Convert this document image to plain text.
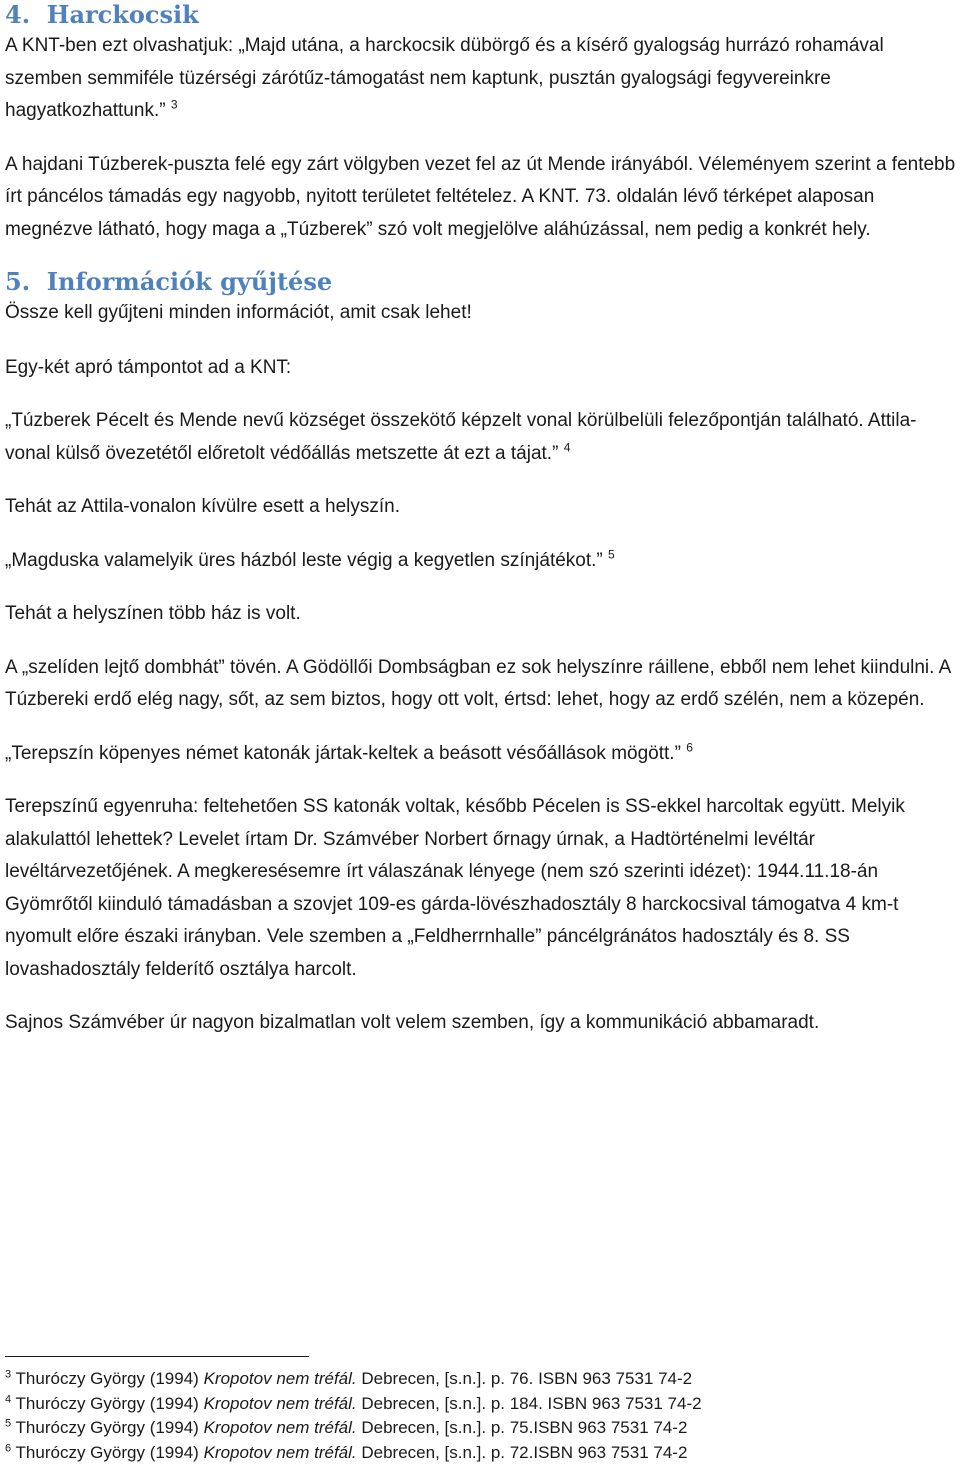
4. Harckocsik

A KNT-ben ezt olvashatjuk: „Majd utána, a harckocsik dübörgő és a kísérő gyalogság hurrázó rohamával szemben semmiféle tüzérségi zárótűz-támogatást nem kaptunk, pusztán gyalogsági fegyvereinkre hagyatkozhattunk.” $^3$

A hajdani Túzberek-puszta felé egy zárt völgyben vezet fel az út Mende irányából. Véleményem szerint a fentebb írt páncélos támadás egy nagyobb, nyitott területet feltételez. A KNT. 73. oldalán lévő térképet alaposan megnézve látható, hogy maga a „Túzberek” szó volt megjelölve aláhúzással, nem pedig a konkrét hely.

5. Információk gyűjtése

Össze kell gyűjteni minden információt, amit csak lehet!

Egy-két apró támpontot ad a KNT:

„Túzberek Pécelt és Mende nevű községet összekötő képzelt vonal körülbelüli felezőpontján található. Attila-vonal külső övezetétől előretolt védőállás metszette át ezt a tájat.” $^4$

Tehát az Attila-vonalon kívülre esett a helyszín.

„Magduska valamelyik üres házból leste végig a kegyetlen színjátékot.” $^5$

Tehát a helyszínen több ház is volt.

A „szelíden lejtő dombhát” tövén. A Gödöllői Dombságban ez sok helyszínre ráillene, ebből nem lehet kiindulni. A Túzbereki erdő elég nagy, sőt, az sem biztos, hogy ott volt, értsd: lehet, hogy az erdő szélén, nem a közepén.

„Terepszín köpenyes német katonák jártak-keltek a beásott vésőállások mögött.” $^6$

Terepszínű egyenruha: feltehetően SS katonák voltak, később Pécelen is SS-ekkel harcoltak együtt. Melyik alakulattól lehettek? Levelet írtam Dr. Számvéber Norbert őrnagy úrnak, a Hadtörténelmi levéltár levéltárvezetőjének. A megkeresésemre írt válaszának lényege (nem szó szerinti idézet): 1944.11.18-án Gyömrőtől kiinduló támadásban a szovjet 109-es gárda-lövészhadosztály 8 harckocsival támogatva 4 km-t nyomult előre északi irányban. Vele szemben a „Feldherrnhalle” páncélgránátos hadosztály és 8. SS lovashadosztály felderítő osztálya harcolt.

Sajnos Számvéber úr nagyon bizalmatlan volt velem szemben, így a kommunikáció abbamaradt.

$^3$ Thuróczy György (1994) Kropotov nem tréfál. Debrecen, [s.n.]. p. 76. ISBN 963 7531 74-2

$^4$ Thuróczy György (1994) Kropotov nem tréfál. Debrecen, [s.n.]. p. 184. ISBN 963 7531 74-2

$^5$ Thuróczy György (1994) Kropotov nem tréfál. Debrecen, [s.n.]. p. 75.ISBN 963 7531 74-2

$^6$ Thuróczy György (1994) Kropotov nem tréfál. Debrecen, [s.n.]. p. 72.ISBN 963 7531 74-2
